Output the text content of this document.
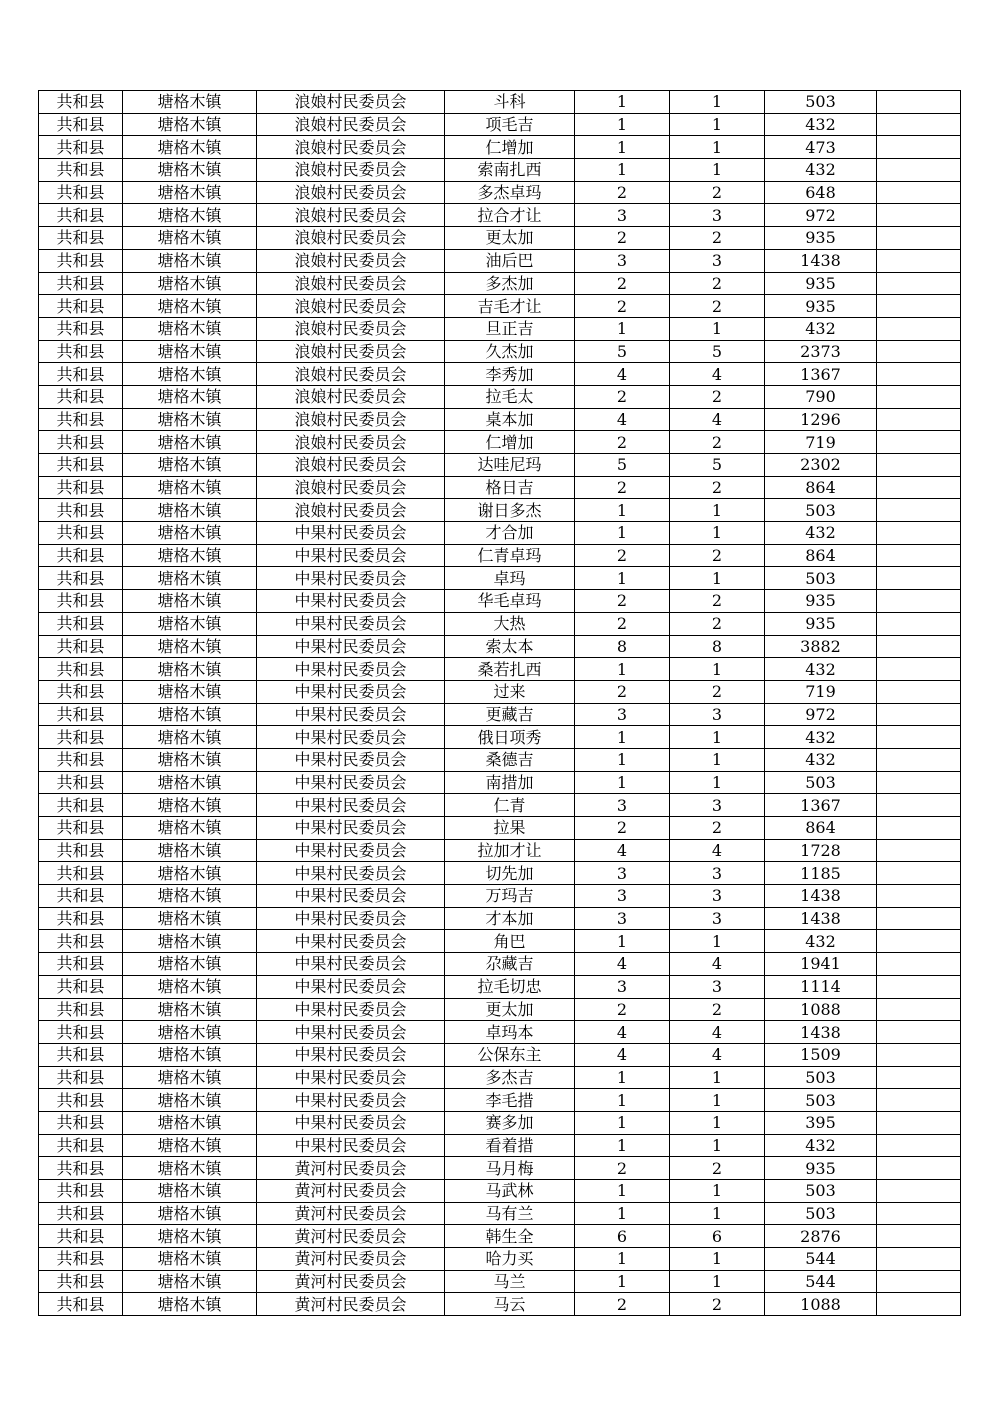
共和县	塘格木镇	浪娘村民委员会	斗科	1	1	503	
共和县	塘格木镇	浪娘村民委员会	项毛吉	1	1	432	
共和县	塘格木镇	浪娘村民委员会	仁增加	1	1	473	
共和县	塘格木镇	浪娘村民委员会	索南扎西	1	1	432	
共和县	塘格木镇	浪娘村民委员会	多杰卓玛	2	2	648	
共和县	塘格木镇	浪娘村民委员会	拉合才让	3	3	972	
共和县	塘格木镇	浪娘村民委员会	更太加	2	2	935	
共和县	塘格木镇	浪娘村民委员会	油后巴	3	3	1438	
共和县	塘格木镇	浪娘村民委员会	多杰加	2	2	935	
共和县	塘格木镇	浪娘村民委员会	吉毛才让	2	2	935	
共和县	塘格木镇	浪娘村民委员会	旦正吉	1	1	432	
共和县	塘格木镇	浪娘村民委员会	久杰加	5	5	2373	
共和县	塘格木镇	浪娘村民委员会	李秀加	4	4	1367	
共和县	塘格木镇	浪娘村民委员会	拉毛太	2	2	790	
共和县	塘格木镇	浪娘村民委员会	桌本加	4	4	1296	
共和县	塘格木镇	浪娘村民委员会	仁增加	2	2	719	
共和县	塘格木镇	浪娘村民委员会	达哇尼玛	5	5	2302	
共和县	塘格木镇	浪娘村民委员会	格日吉	2	2	864	
共和县	塘格木镇	浪娘村民委员会	谢日多杰	1	1	503	
共和县	塘格木镇	中果村民委员会	才合加	1	1	432	
共和县	塘格木镇	中果村民委员会	仁青卓玛	2	2	864	
共和县	塘格木镇	中果村民委员会	卓玛	1	1	503	
共和县	塘格木镇	中果村民委员会	华毛卓玛	2	2	935	
共和县	塘格木镇	中果村民委员会	大热	2	2	935	
共和县	塘格木镇	中果村民委员会	索太本	8	8	3882	
共和县	塘格木镇	中果村民委员会	桑若扎西	1	1	432	
共和县	塘格木镇	中果村民委员会	过来	2	2	719	
共和县	塘格木镇	中果村民委员会	更藏吉	3	3	972	
共和县	塘格木镇	中果村民委员会	俄日项秀	1	1	432	
共和县	塘格木镇	中果村民委员会	桑德吉	1	1	432	
共和县	塘格木镇	中果村民委员会	南措加	1	1	503	
共和县	塘格木镇	中果村民委员会	仁青	3	3	1367	
共和县	塘格木镇	中果村民委员会	拉果	2	2	864	
共和县	塘格木镇	中果村民委员会	拉加才让	4	4	1728	
共和县	塘格木镇	中果村民委员会	切先加	3	3	1185	
共和县	塘格木镇	中果村民委员会	万玛吉	3	3	1438	
共和县	塘格木镇	中果村民委员会	才本加	3	3	1438	
共和县	塘格木镇	中果村民委员会	角巴	1	1	432	
共和县	塘格木镇	中果村民委员会	尕藏吉	4	4	1941	
共和县	塘格木镇	中果村民委员会	拉毛切忠	3	3	1114	
共和县	塘格木镇	中果村民委员会	更太加	2	2	1088	
共和县	塘格木镇	中果村民委员会	卓玛本	4	4	1438	
共和县	塘格木镇	中果村民委员会	公保东主	4	4	1509	
共和县	塘格木镇	中果村民委员会	多杰吉	1	1	503	
共和县	塘格木镇	中果村民委员会	李毛措	1	1	503	
共和县	塘格木镇	中果村民委员会	赛多加	1	1	395	
共和县	塘格木镇	中果村民委员会	看着措	1	1	432	
共和县	塘格木镇	黄河村民委员会	马月梅	2	2	935	
共和县	塘格木镇	黄河村民委员会	马武林	1	1	503	
共和县	塘格木镇	黄河村民委员会	马有兰	1	1	503	
共和县	塘格木镇	黄河村民委员会	韩生全	6	6	2876	
共和县	塘格木镇	黄河村民委员会	哈力买	1	1	544	
共和县	塘格木镇	黄河村民委员会	马兰	1	1	544	
共和县	塘格木镇	黄河村民委员会	马云	2	2	1088	
